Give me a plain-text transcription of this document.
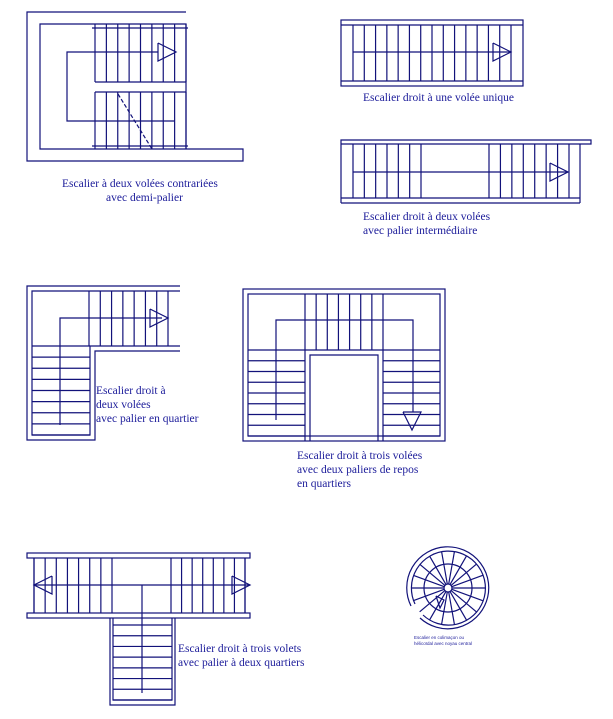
Escalier à deux volées contrariées
avec demi-palier
Escalier droit à une volée unique
Escalier droit à deux volées
avec palier intermédiaire
Escalier droit à
deux volées
avec palier en quartier
Escalier droit à trois volées
avec deux paliers de repos
en quartiers
Escalier droit à trois volets
avec palier à deux quartiers
Escalier en colimaçon ou
hélicoïdal avec noyau central
